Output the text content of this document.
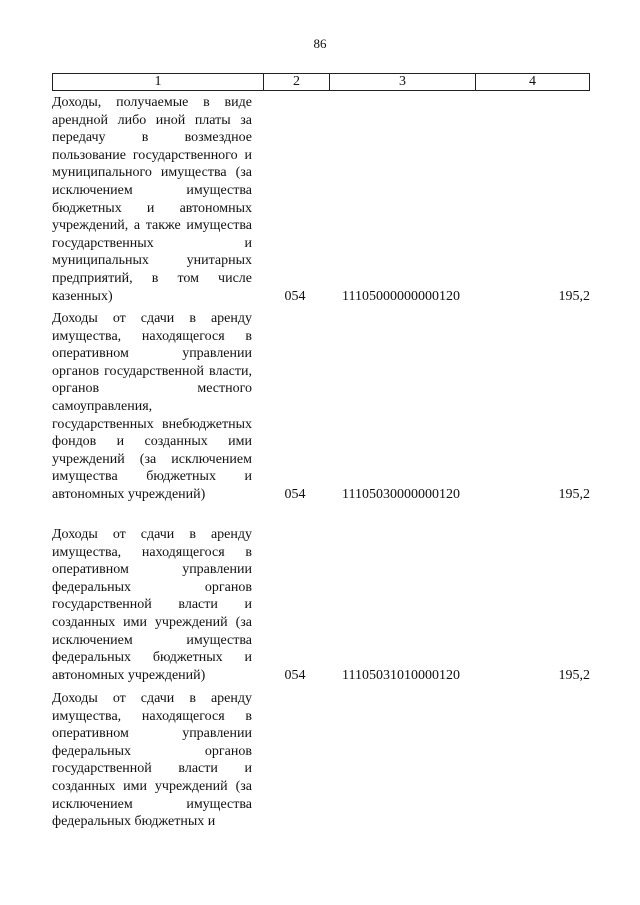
86
1	2	3	4
Доходы, получаемые в виде арендной либо иной платы за передачу в возмездное пользование государственного и муниципального имущества (за исключением имущества бюджетных и автономных учреждений, а также имущества государственных и муниципальных унитарных предприятий, в том числе казенных)	054	11105000000000120	195,2
Доходы от сдачи в аренду имущества, находящегося в оперативном управлении органов государственной власти, органов местного самоуправления, государственных внебюджетных фондов и созданных ими учреждений (за исключением имущества бюджетных и автономных учреждений)	054	11105030000000120	195,2
Доходы от сдачи в аренду имущества, находящегося в оперативном управлении федеральных органов государственной власти и созданных ими учреждений (за исключением имущества федеральных бюджетных и автономных учреждений)	054	11105031010000120	195,2
Доходы от сдачи в аренду имущества, находящегося в оперативном управлении федеральных органов государственной власти и созданных ими учреждений (за исключением имущества федеральных бюджетных и
